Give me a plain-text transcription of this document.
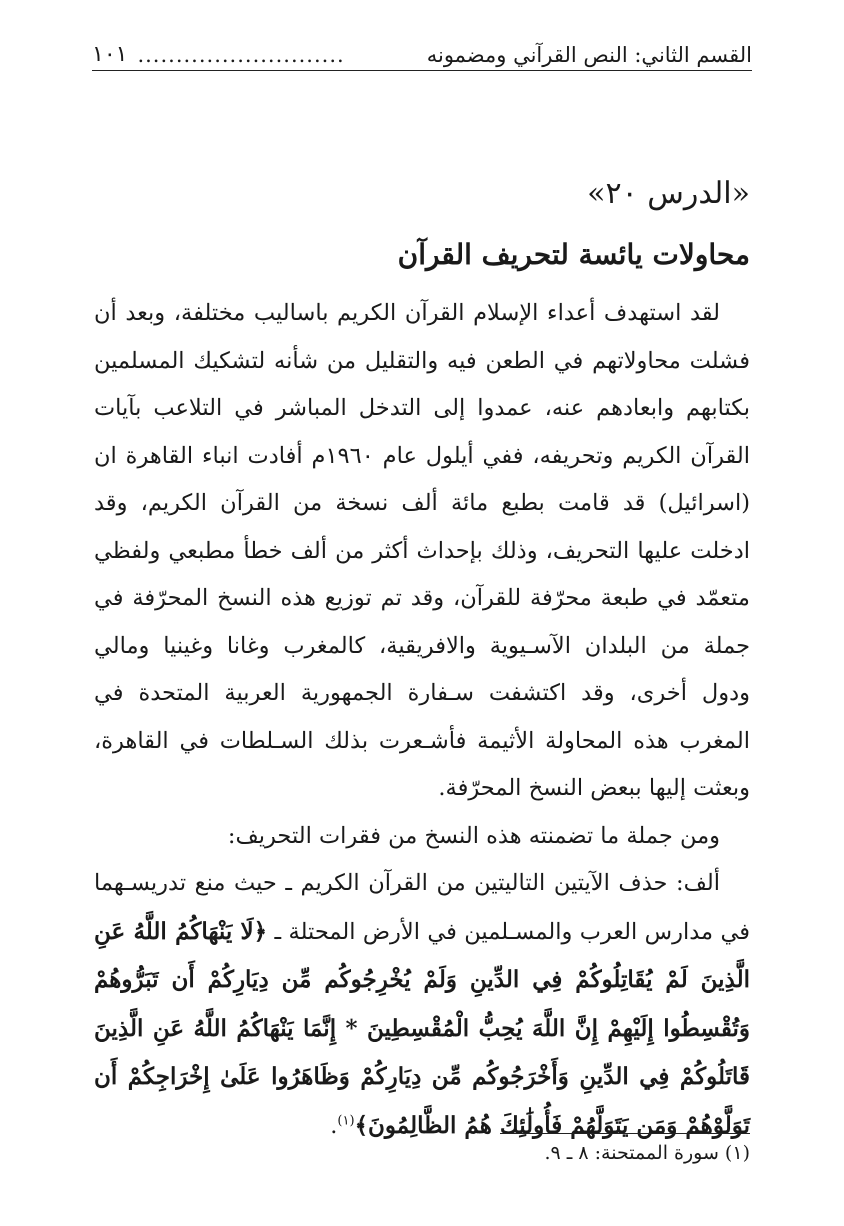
القسم الثاني: النص القرآني ومضمونه
...........................
١٠١
«الدرس ٢٠»
محاولات يائسة لتحريف القرآن

لقد استهدف أعداء الإسلام القرآن الكريم باساليب مختلفة، وبعد أن فشلت محاولاتهم في الطعن فيه والتقليل من شأنه لتشكيك المسلمين بكتابهم وابعادهم عنه، عمدوا إلى التدخل المباشر في التلاعب بآيات القرآن الكريم وتحريفه، ففي أيلول عام ١٩٦٠م أفادت انباء القاهرة ان (اسرائيل) قد قامت بطبع مائة ألف نسخة من القرآن الكريم، وقد ادخلت عليها التحريف، وذلك بإحداث أكثر من ألف خطأ مطبعي ولفظي متعمّد في طبعة محرّفة للقرآن، وقد تم توزيع هذه النسخ المحرّفة في جملة من البلدان الآسـيوية والافريقية، كالمغرب وغانا وغينيا ومالي ودول أخرى، وقد اكتشفت سـفارة الجمهورية العربية المتحدة في المغرب هذه المحاولة الأثيمة فأشـعرت بذلك السـلطات في القاهرة، وبعثت إليها ببعض النسخ المحرّفة.

ومن جملة ما تضمنته هذه النسخ من فقرات التحريف:

ألف: حذف الآيتين التاليتين من القرآن الكريم ـ حيث منع تدريسـهما في مدارس العرب والمسـلمين في الأرض المحتلة ـ ﴿لَا يَنْهَاكُمُ اللَّهُ عَنِ الَّذِينَ لَمْ يُقَاتِلُوكُمْ فِي الدِّينِ وَلَمْ يُخْرِجُوكُم مِّن دِيَارِكُمْ أَن تَبَرُّوهُمْ وَتُقْسِطُوا إِلَيْهِمْ إِنَّ اللَّهَ يُحِبُّ الْمُقْسِطِينَ * إِنَّمَا يَنْهَاكُمُ اللَّهُ عَنِ الَّذِينَ قَاتَلُوكُمْ فِي الدِّينِ وَأَخْرَجُوكُم مِّن دِيَارِكُمْ وَظَاهَرُوا عَلَىٰ إِخْرَاجِكُمْ أَن تَوَلَّوْهُمْ وَمَن يَتَوَلَّهُمْ فَأُولَٰئِكَ هُمُ الظَّالِمُونَ﴾$^{(١)}$.

(١) سورة الممتحنة: ٨ ـ ٩.
